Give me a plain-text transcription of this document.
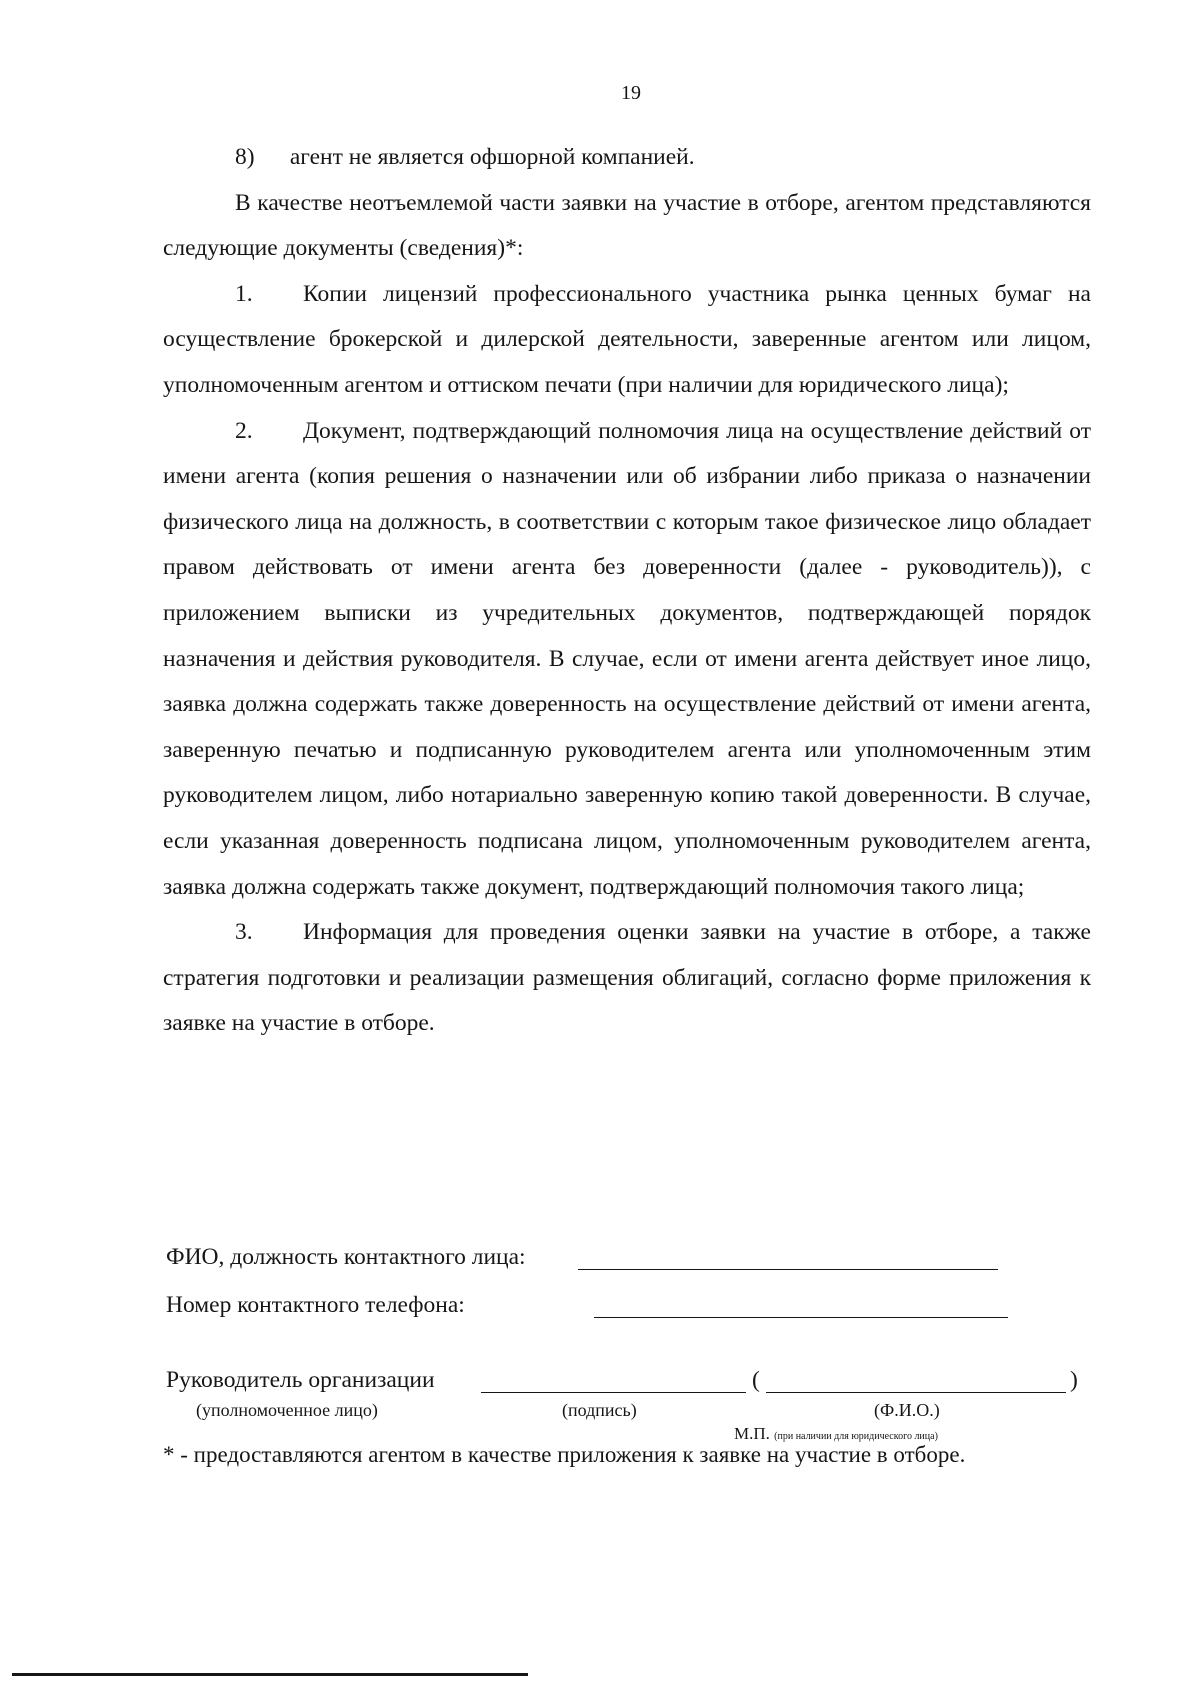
19

8)      агент не является офшорной компанией.

В качестве неотъемлемой части заявки на участие в отборе, агентом представляются следующие документы (сведения)*:

1. Копии лицензий профессионального участника рынка ценных бумаг на осуществление брокерской и дилерской деятельности, заверенные агентом или лицом, уполномоченным агентом и оттиском печати (при наличии для юридического лица);

2. Документ, подтверждающий полномочия лица на осуществление действий от имени агента (копия решения о назначении или об избрании либо приказа о назначении физического лица на должность, в соответствии с которым такое физическое лицо обладает правом действовать от имени агента без доверенности (далее - руководитель)), с приложением выписки из учредительных документов, подтверждающей порядок назначения и действия руководителя. В случае, если от имени агента действует иное лицо, заявка должна содержать также доверенность на осуществление действий от имени агента, заверенную печатью и подписанную руководителем агента или уполномоченным этим руководителем лицом, либо нотариально заверенную копию такой доверенности. В случае, если указанная доверенность подписана лицом, уполномоченным руководителем агента, заявка должна содержать также документ, подтверждающий полномочия такого лица;

3. Информация для проведения оценки заявки на участие в отборе, а также стратегия подготовки и реализации размещения облигаций, согласно форме приложения к заявке на участие в отборе.

ФИО, должность контактного лица:
Номер контактного телефона:
Руководитель организации	(	)
(уполномоченное лицо)	(подпись)	(Ф.И.О.)
М.П. (при наличии для юридического лица)

* - предоставляются агентом в качестве приложения к заявке на участие в отборе.
